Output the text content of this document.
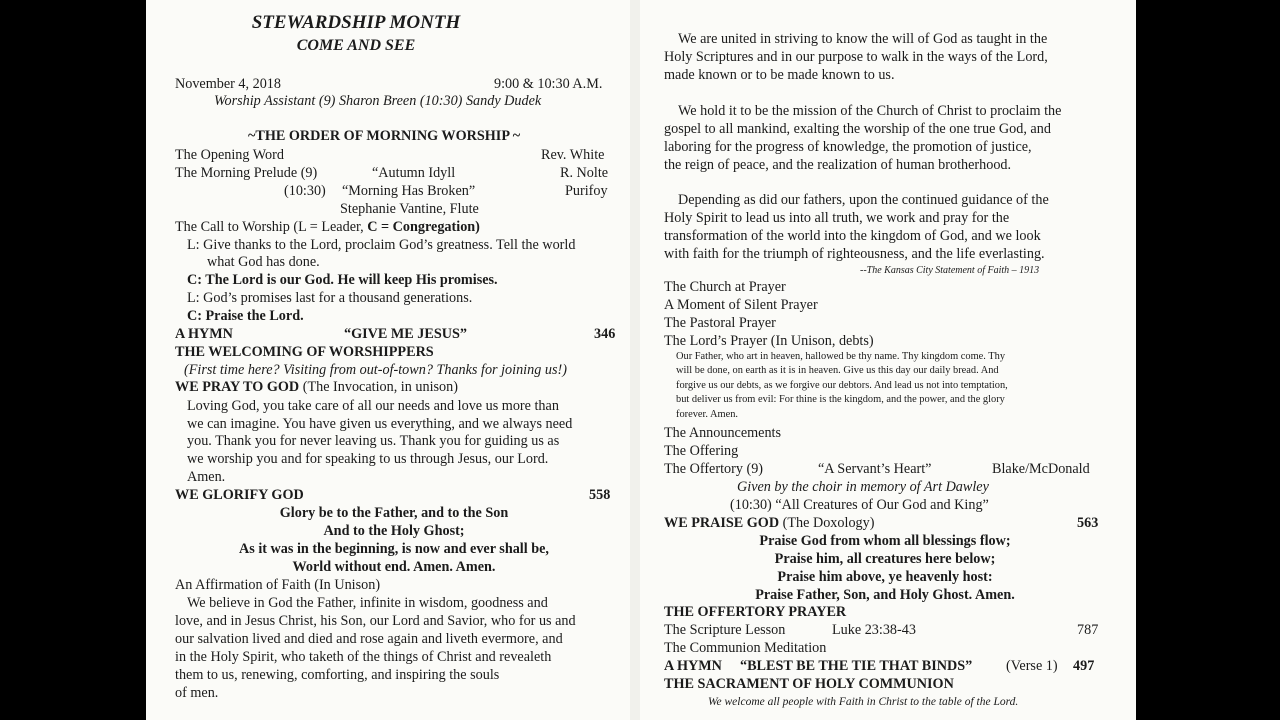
STEWARDSHIP MONTH
COME AND SEE
November 4, 2018	9:00 & 10:30 A.M.
Worship Assistant (9) Sharon Breen (10:30) Sandy Dudek
~THE ORDER OF MORNING WORSHIP ~
The Opening Word	Rev. White
The Morning Prelude (9)	“Autumn Idyll	R. Nolte
(10:30) “Morning Has Broken”	Purifoy
Stephanie Vantine, Flute
The Call to Worship (L = Leader, C = Congregation)
L: Give thanks to the Lord, proclaim God’s greatness. Tell the world
what God has done.
C: The Lord is our God. He will keep His promises.
L: God’s promises last for a thousand generations.
C: Praise the Lord.
A HYMN	“GIVE ME JESUS”	346
THE WELCOMING OF WORSHIPPERS
(First time here? Visiting from out-of-town? Thanks for joining us!)
WE PRAY TO GOD (The Invocation, in unison)
Loving God, you take care of all our needs and love us more than
we can imagine. You have given us everything, and we always need
you. Thank you for never leaving us. Thank you for guiding us as
we worship you and for speaking to us through Jesus, our Lord.
Amen.
WE GLORIFY GOD	558
Glory be to the Father, and to the Son
And to the Holy Ghost;
As it was in the beginning, is now and ever shall be,
World without end. Amen. Amen.
An Affirmation of Faith (In Unison)
We believe in God the Father, infinite in wisdom, goodness and
love, and in Jesus Christ, his Son, our Lord and Savior, who for us and
our salvation lived and died and rose again and liveth evermore, and
in the Holy Spirit, who taketh of the things of Christ and revealeth
them to us, renewing, comforting, and inspiring the souls
of men.
We are united in striving to know the will of God as taught in the
Holy Scriptures and in our purpose to walk in the ways of the Lord,
made known or to be made known to us.
We hold it to be the mission of the Church of Christ to proclaim the
gospel to all mankind, exalting the worship of the one true God, and
laboring for the progress of knowledge, the promotion of justice,
the reign of peace, and the realization of human brotherhood.
Depending as did our fathers, upon the continued guidance of the
Holy Spirit to lead us into all truth, we work and pray for the
transformation of the world into the kingdom of God, and we look
with faith for the triumph of righteousness, and the life everlasting.
--The Kansas City Statement of Faith – 1913
The Church at Prayer
A Moment of Silent Prayer
The Pastoral Prayer
The Lord’s Prayer (In Unison, debts)
Our Father, who art in heaven, hallowed be thy name. Thy kingdom come. Thy
will be done, on earth as it is in heaven. Give us this day our daily bread. And
forgive us our debts, as we forgive our debtors. And lead us not into temptation,
but deliver us from evil: For thine is the kingdom, and the power, and the glory
forever. Amen.
The Announcements
The Offering
The Offertory (9)	“A Servant’s Heart”	Blake/McDonald
Given by the choir in memory of Art Dawley
(10:30) “All Creatures of Our God and King”
WE PRAISE GOD (The Doxology)	563
Praise God from whom all blessings flow;
Praise him, all creatures here below;
Praise him above, ye heavenly host:
Praise Father, Son, and Holy Ghost. Amen.
THE OFFERTORY PRAYER
The Scripture Lesson	Luke 23:38-43	787
The Communion Meditation
A HYMN “BLEST BE THE TIE THAT BINDS” (Verse 1) 497
THE SACRAMENT OF HOLY COMMUNION
We welcome all people with Faith in Christ to the table of the Lord.
